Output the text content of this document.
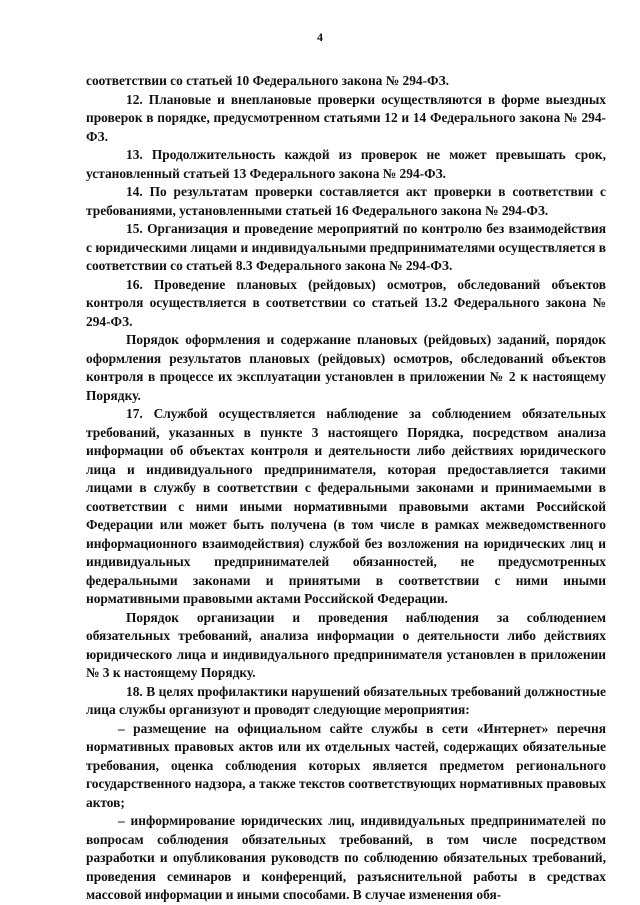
4

соответствии со статьей 10 Федерального закона № 294-ФЗ.

12. Плановые и внеплановые проверки осуществляются в форме выездных проверок в порядке, предусмотренном статьями 12 и 14 Федерального закона № 294-ФЗ.

13. Продолжительность каждой из проверок не может превышать срок, установленный статьей 13 Федерального закона № 294-ФЗ.

14. По результатам проверки составляется акт проверки в соответствии с требованиями, установленными статьей 16 Федерального закона № 294-ФЗ.

15. Организация и проведение мероприятий по контролю без взаимодействия с юридическими лицами и индивидуальными предпринимателями осуществляется в соответствии со статьей 8.3 Федерального закона № 294-ФЗ.

16. Проведение плановых (рейдовых) осмотров, обследований объектов контроля осуществляется в соответствии со статьей 13.2 Федерального закона № 294-ФЗ.

Порядок оформления и содержание плановых (рейдовых) заданий, порядок оформления результатов плановых (рейдовых) осмотров, обследований объектов контроля в процессе их эксплуатации установлен в приложении № 2 к настоящему Порядку.

17. Службой осуществляется наблюдение за соблюдением обязательных требований, указанных в пункте 3 настоящего Порядка, посредством анализа информации об объектах контроля и деятельности либо действиях юридического лица и индивидуального предпринимателя, которая предоставляется такими лицами в службу в соответствии с федеральными законами и принимаемыми в соответствии с ними иными нормативными правовыми актами Российской Федерации или может быть получена (в том числе в рамках межведомственного информационного взаимодействия) службой без возложения на юридических лиц и индивидуальных предпринимателей обязанностей, не предусмотренных федеральными законами и принятыми в соответствии с ними иными нормативными правовыми актами Российской Федерации.

Порядок организации и проведения наблюдения за соблюдением обязательных требований, анализа информации о деятельности либо действиях юридического лица и индивидуального предпринимателя установлен в приложении № 3 к настоящему Порядку.

18. В целях профилактики нарушений обязательных требований должностные лица службы организуют и проводят следующие мероприятия:

– размещение на официальном сайте службы в сети «Интернет» перечня нормативных правовых актов или их отдельных частей, содержащих обязательные требования, оценка соблюдения которых является предметом регионального государственного надзора, а также текстов соответствующих нормативных правовых актов;

– информирование юридических лиц, индивидуальных предпринимателей по вопросам соблюдения обязательных требований, в том числе посредством разработки и опубликования руководств по соблюдению обязательных требований, проведения семинаров и конференций, разъяснительной работы в средствах массовой информации и иными способами. В случае изменения обя-
